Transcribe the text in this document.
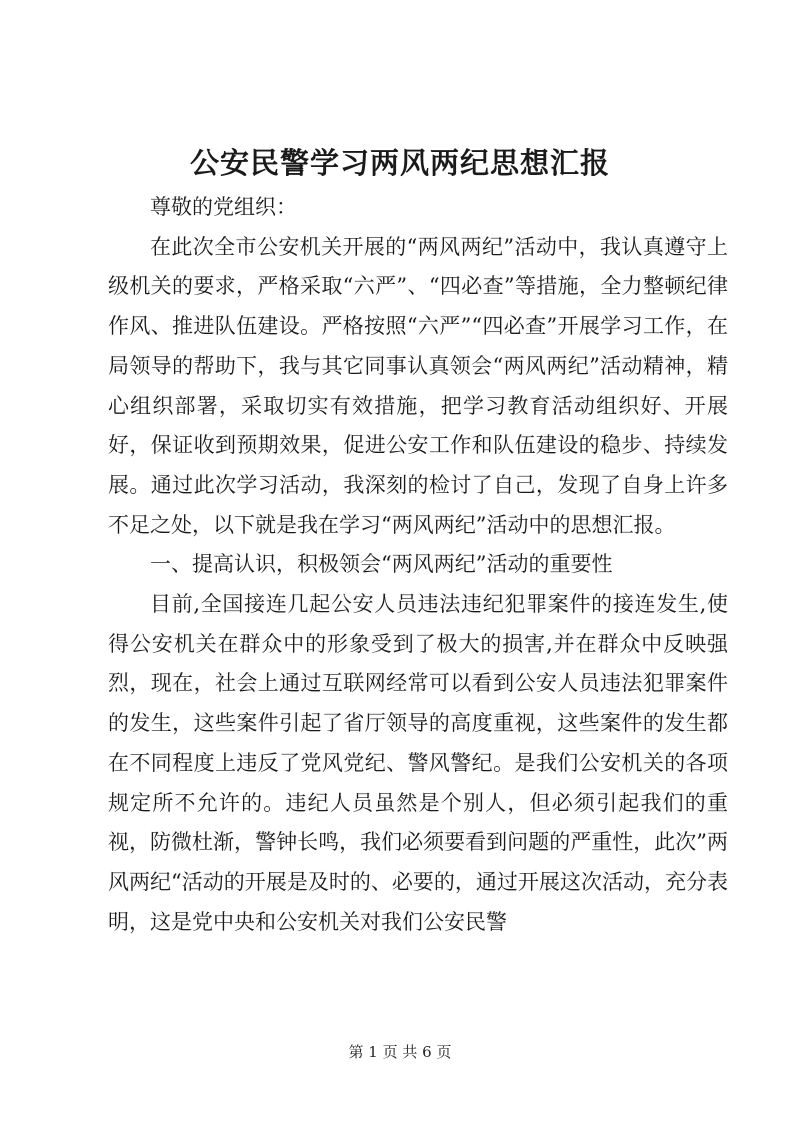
公安民警学习两风两纪思想汇报

尊敬的党组织：

在此次全市公安机关开展的“两风两纪”活动中，我认真遵守上级机关的要求，严格采取“六严”、“四必查”等措施，全力整顿纪律作风、推进队伍建设。严格按照“六严”“四必查”开展学习工作，在局领导的帮助下，我与其它同事认真领会“两风两纪”活动精神，精心组织部署，采取切实有效措施，把学习教育活动组织好、开展好，保证收到预期效果，促进公安工作和队伍建设的稳步、持续发展。通过此次学习活动，我深刻的检讨了自己，发现了自身上许多不足之处，以下就是我在学习“两风两纪”活动中的思想汇报。

一、提高认识，积极领会“两风两纪”活动的重要性

目前,全国接连几起公安人员违法违纪犯罪案件的接连发生,使得公安机关在群众中的形象受到了极大的损害,并在群众中反映强烈，现在，社会上通过互联网经常可以看到公安人员违法犯罪案件的发生，这些案件引起了省厅领导的高度重视，这些案件的发生都在不同程度上违反了党风党纪、警风警纪。是我们公安机关的各项规定所不允许的。违纪人员虽然是个别人，但必须引起我们的重视，防微杜渐，警钟长鸣，我们必须要看到问题的严重性，此次”两风两纪“活动的开展是及时的、必要的，通过开展这次活动，充分表明，这是党中央和公安机关对我们公安民警

第 1 页 共 6 页
